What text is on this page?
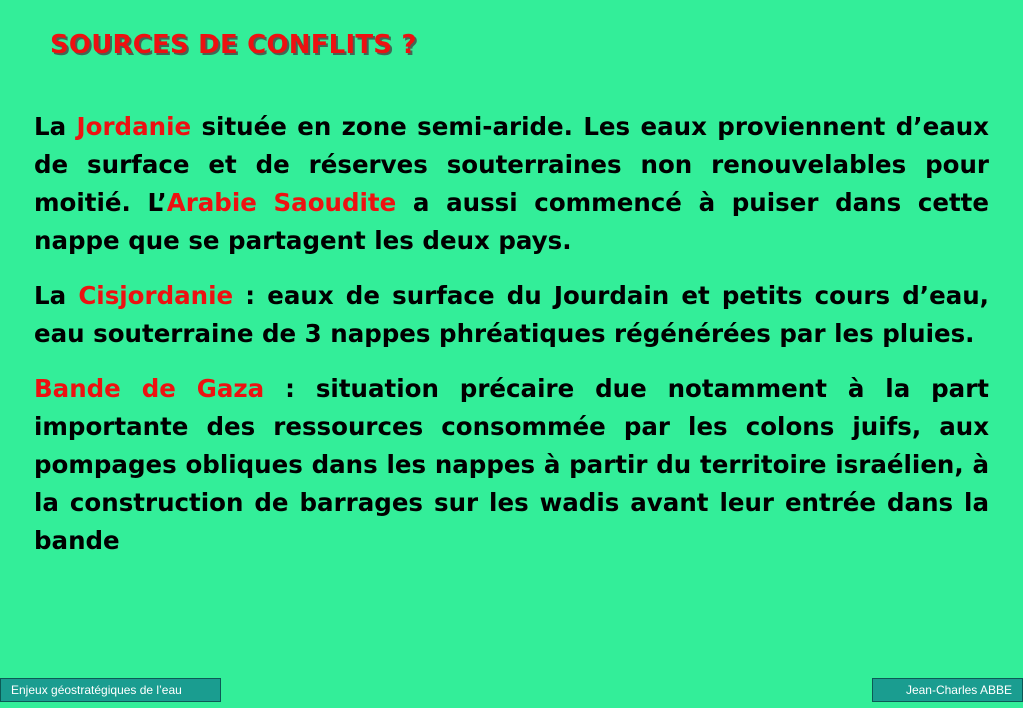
SOURCES DE CONFLITS ?

La Jordanie située en zone semi-aride. Les eaux proviennent d’eaux de surface et de réserves souterraines non renouvelables pour moitié. L’Arabie Saoudite a aussi commencé à puiser dans cette nappe que se partagent les deux pays.

La Cisjordanie : eaux de surface du Jourdain et petits cours d’eau, eau souterraine de 3 nappes phréatiques régénérées par les pluies.

Bande de Gaza : situation précaire due notamment à la part importante des ressources consommée par les colons juifs, aux pompages obliques dans les nappes à partir du territoire israélien, à la construction de barrages sur les wadis avant leur entrée dans la bande

Enjeux géostratégiques de l’eau	Jean-Charles ABBE
